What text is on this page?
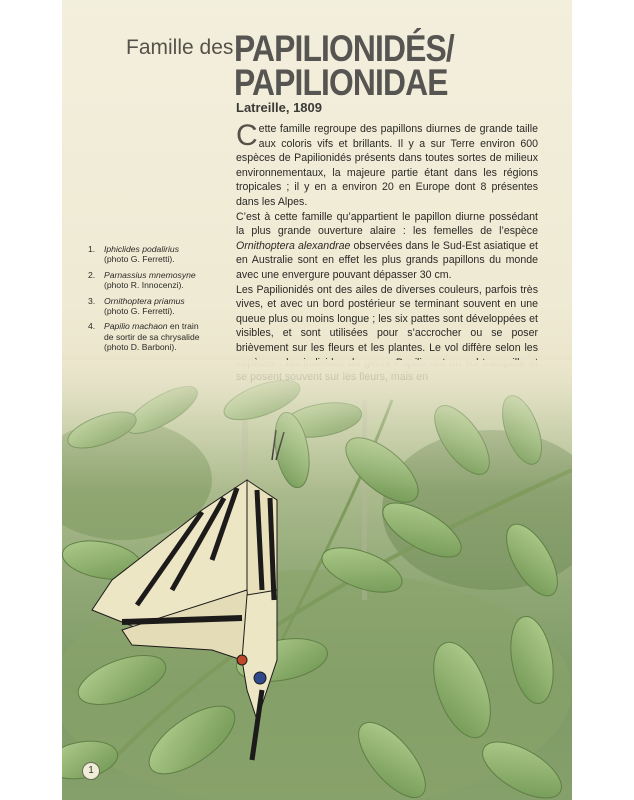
Famille des PAPILIONIDÉS/
PAPILIONIDAE
Latreille, 1809

Cette famille regroupe des papillons diurnes de grande taille aux coloris vifs et brillants. Il y a sur Terre environ 600 espèces de Papilionidés présents dans toutes sortes de milieux environnementaux, la majeure partie étant dans les régions tropicales ; il y en a environ 20 en Europe dont 8 présentes dans les Alpes.

C’est à cette famille qu’appartient le papillon diurne possédant la plus grande ouverture alaire : les femelles de l’espèce Ornithoptera alexandrae observées dans le Sud-Est asiatique et en Australie sont en effet les plus grands papillons du monde avec une envergure pouvant dépasser 30 cm.

Les Papilionidés ont des ailes de diverses couleurs, parfois très vives, et avec un bord postérieur se terminant souvent en une queue plus ou moins longue ; les six pattes sont développées et visibles, et sont utilisées pour s’accrocher ou se poser brièvement sur les fleurs et les plantes. Le vol diffère selon les

1. Iphiclides podalirius
(photo G. Ferretti).
2. Parnassius mnemosyne
(photo R. Innocenzi).
3. Ornithoptera priamus
(photo G. Ferretti).
4. Papilio machaon en train de sortir de sa chrysalide (photo D. Barboni).
1
